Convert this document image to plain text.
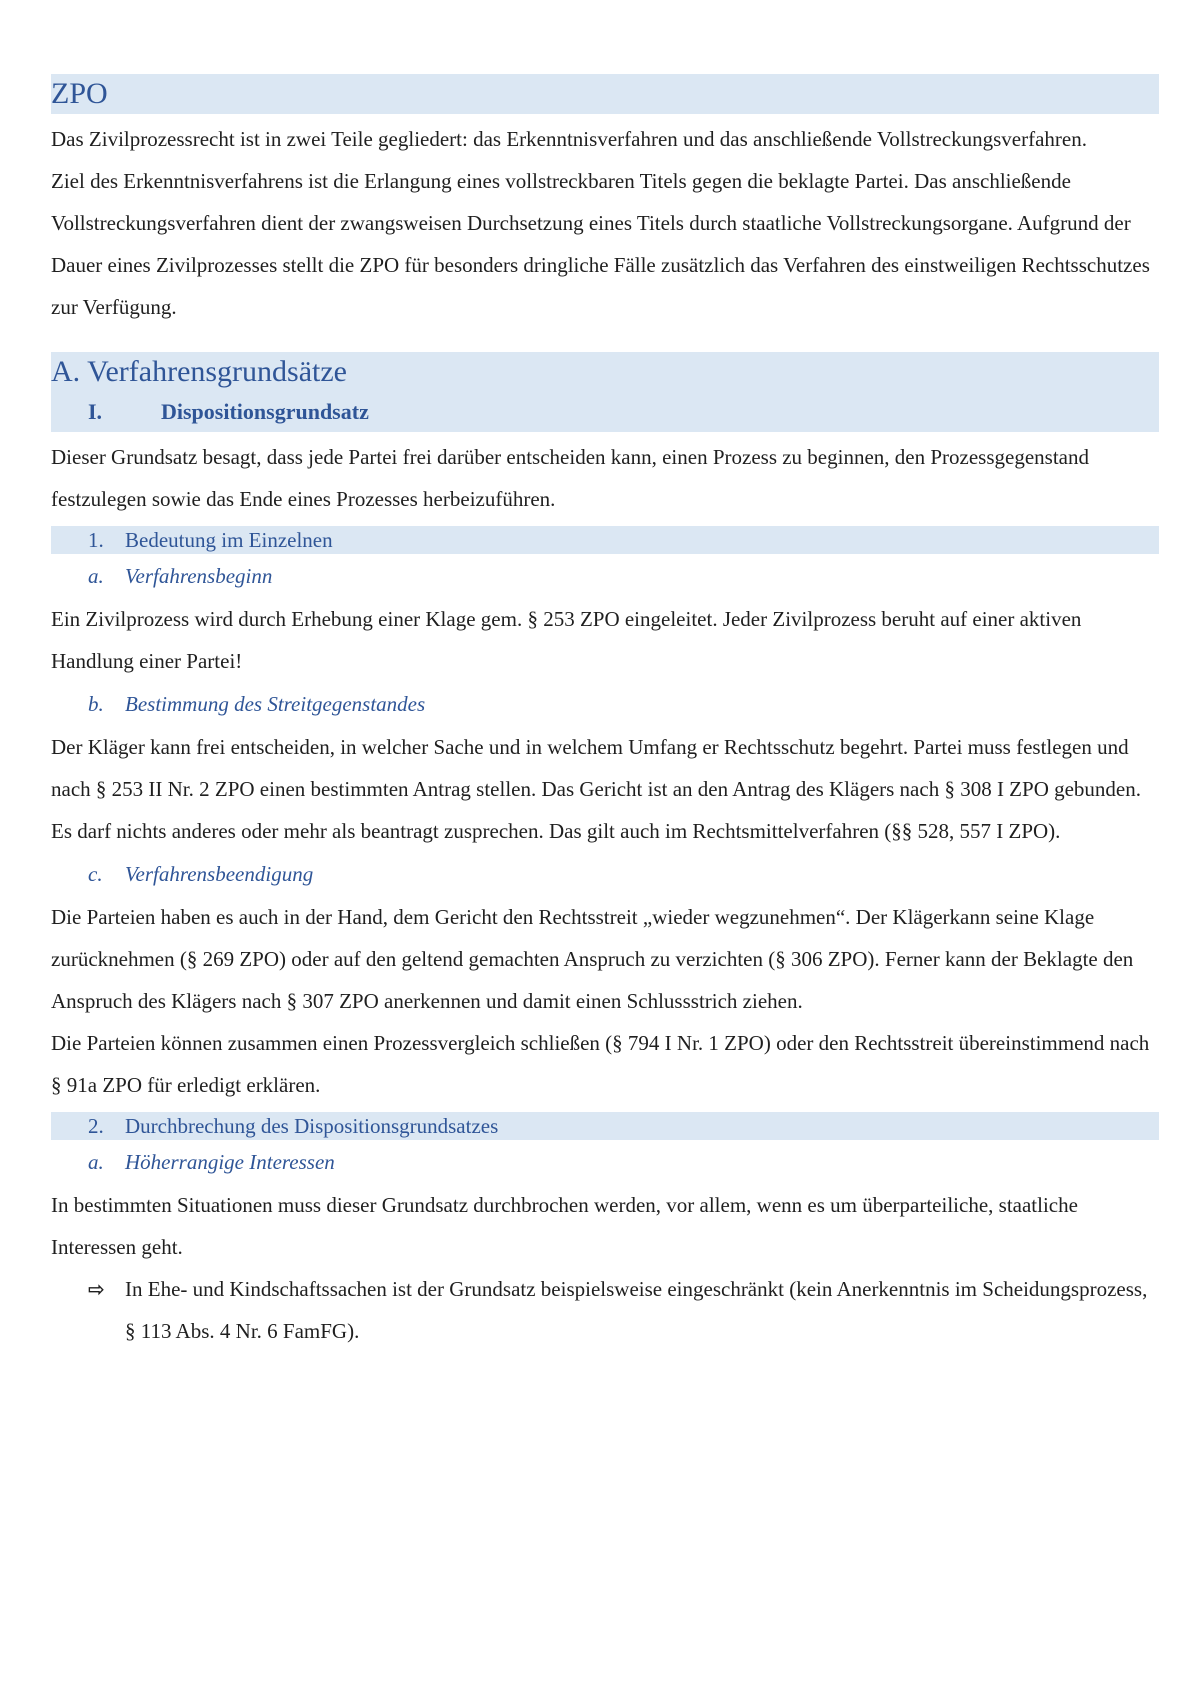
ZPO

Das Zivilprozessrecht ist in zwei Teile gegliedert: das Erkenntnisverfahren und das anschließende Vollstreckungsverfahren.

Ziel des Erkenntnisverfahrens ist die Erlangung eines vollstreckbaren Titels gegen die beklagte Partei. Das anschließende Vollstreckungsverfahren dient der zwangsweisen Durchsetzung eines Titels durch staatliche Vollstreckungsorgane. Aufgrund der Dauer eines Zivilprozesses stellt die ZPO für besonders dringliche Fälle zusätzlich das Verfahren des einstweiligen Rechtsschutzes zur Verfügung.

A. Verfahrensgrundsätze
I.	Dispositionsgrundsatz

Dieser Grundsatz besagt, dass jede Partei frei darüber entscheiden kann, einen Prozess zu beginnen, den Prozessgegenstand festzulegen sowie das Ende eines Prozesses herbeizuführen.

1. Bedeutung im Einzelnen
a. Verfahrensbeginn

Ein Zivilprozess wird durch Erhebung einer Klage gem. § 253 ZPO eingeleitet. Jeder Zivilprozess beruht auf einer aktiven Handlung einer Partei!

b. Bestimmung des Streitgegenstandes

Der Kläger kann frei entscheiden, in welcher Sache und in welchem Umfang er Rechtsschutz begehrt. Partei muss festlegen und nach § 253 II Nr. 2 ZPO einen bestimmten Antrag stellen. Das Gericht ist an den Antrag des Klägers nach § 308 I ZPO gebunden. Es darf nichts anderes oder mehr als beantragt zusprechen. Das gilt auch im Rechtsmittelverfahren (§§ 528, 557 I ZPO).

c. Verfahrensbeendigung

Die Parteien haben es auch in der Hand, dem Gericht den Rechtsstreit „wieder wegzunehmen“. Der Klägerkann seine Klage zurücknehmen (§ 269 ZPO) oder auf den geltend gemachten Anspruch zu verzichten (§ 306 ZPO). Ferner kann der Beklagte den Anspruch des Klägers nach § 307 ZPO anerkennen und damit einen Schlussstrich ziehen.

Die Parteien können zusammen einen Prozessvergleich schließen (§ 794 I Nr. 1 ZPO) oder den Rechtsstreit übereinstimmend nach § 91a ZPO für erledigt erklären.

2. Durchbrechung des Dispositionsgrundsatzes
a. Höherrangige Interessen

In bestimmten Situationen muss dieser Grundsatz durchbrochen werden, vor allem, wenn es um überparteiliche, staatliche Interessen geht.

⇨ In Ehe- und Kindschaftssachen ist der Grundsatz beispielsweise eingeschränkt (kein Anerkenntnis im Scheidungsprozess, § 113 Abs. 4 Nr. 6 FamFG).
